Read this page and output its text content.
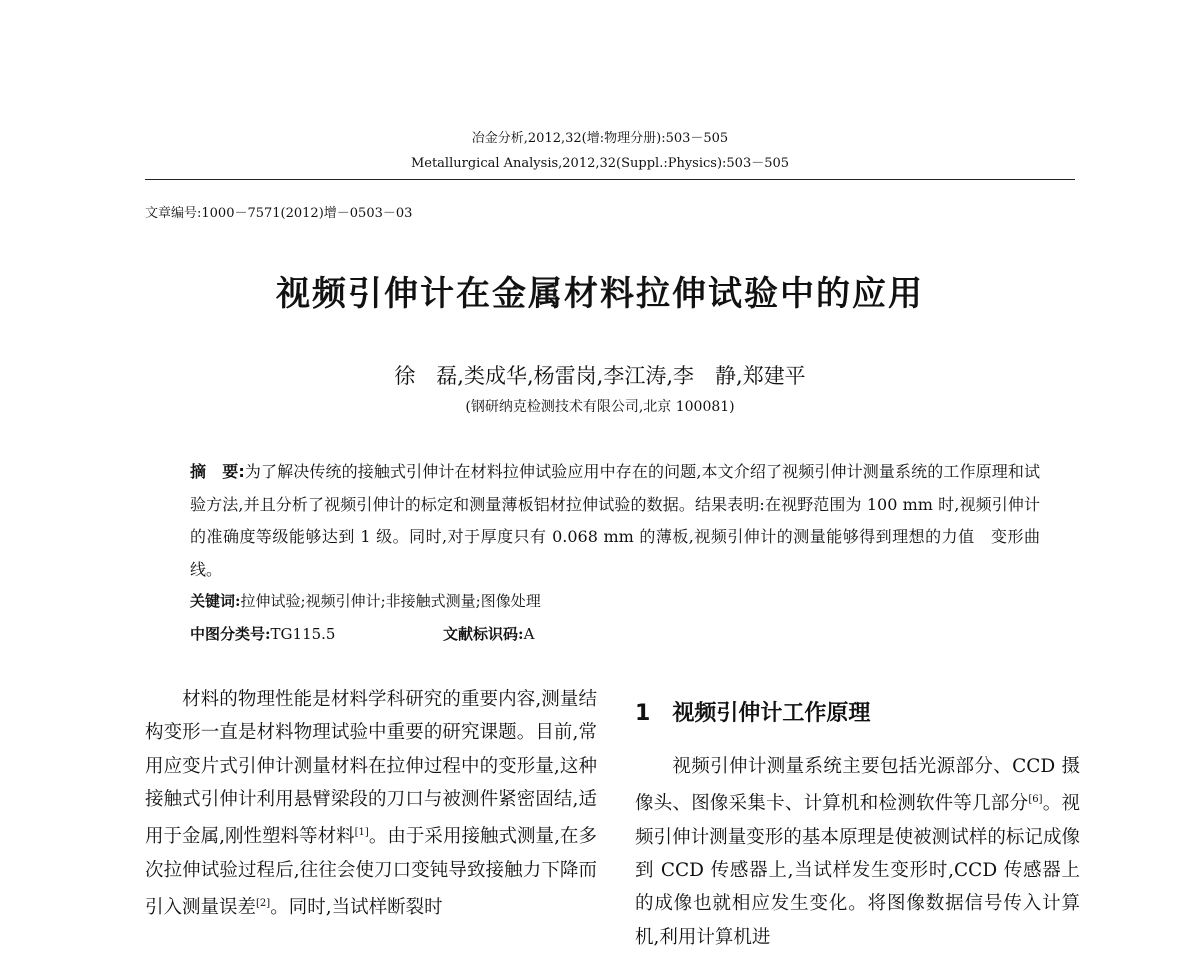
冶金分析,2012,32(增:物理分册):503－505
Metallurgical Analysis,2012,32(Suppl.:Physics):503－505
文章编号:1000－7571(2012)增－0503－03
视频引伸计在金属材料拉伸试验中的应用
徐　磊,类成华,杨雷岗,李江涛,李　静,郑建平
(钢研纳克检测技术有限公司,北京 100081)
摘　要:为了解决传统的接触式引伸计在材料拉伸试验应用中存在的问题,本文介绍了视频引伸计测量系统的工作原理和试验方法,并且分析了视频引伸计的标定和测量薄板铝材拉伸试验的数据。结果表明:在视野范围为 100 mm 时,视频引伸计的准确度等级能够达到 1 级。同时,对于厚度只有 0.068 mm 的薄板,视频引伸计的测量能够得到理想的力值　变形曲线。
关键词:拉伸试验;视频引伸计;非接触式测量;图像处理
中图分类号:TG115.5	文献标识码:A
材料的物理性能是材料学科研究的重要内容,测量结构变形一直是材料物理试验中重要的研究课题。目前,常用应变片式引伸计测量材料在拉伸过程中的变形量,这种接触式引伸计利用悬臂梁段的刀口与被测件紧密固结,适用于金属,刚性塑料等材料[1]。由于采用接触式测量,在多次拉伸试验过程后,往往会使刀口变钝导致接触力下降而引入测量误差[2]。同时,当试样断裂时
1 视频引伸计工作原理
视频引伸计测量系统主要包括光源部分、CCD 摄像头、图像采集卡、计算机和检测软件等几部分[6]。视频引伸计测量变形的基本原理是使被测试样的标记成像到 CCD 传感器上,当试样发生变形时,CCD 传感器上的成像也就相应发生变化。将图像数据信号传入计算机,利用计算机进
